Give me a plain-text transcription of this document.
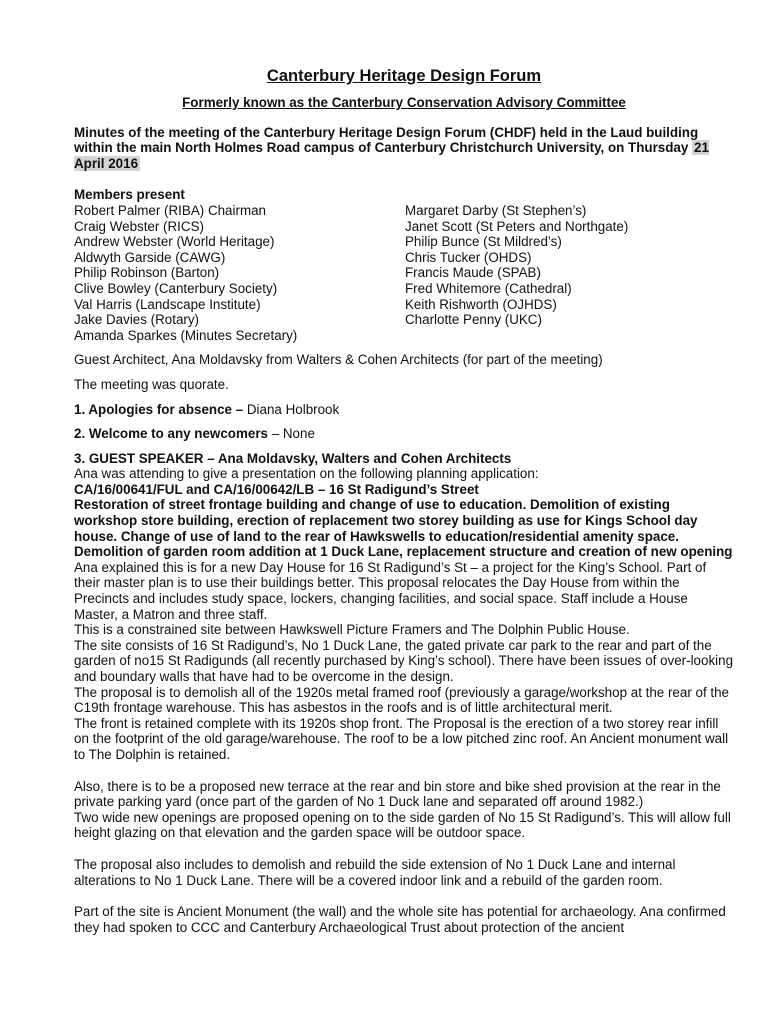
Canterbury Heritage Design Forum
Formerly known as the Canterbury Conservation Advisory Committee

Minutes of the meeting of the Canterbury Heritage Design Forum (CHDF) held in the Laud building within the main North Holmes Road campus of Canterbury Christchurch University, on Thursday 21 April 2016

Members present
Robert Palmer (RIBA) Chairman
Craig Webster (RICS)
Andrew Webster (World Heritage)
Aldwyth Garside (CAWG)
Philip Robinson (Barton)
Clive Bowley (Canterbury Society)
Val Harris (Landscape Institute)
Jake Davies (Rotary)
Amanda Sparkes (Minutes Secretary)
Margaret Darby (St Stephen’s)
Janet Scott (St Peters and Northgate)
Philip Bunce (St Mildred’s)
Chris Tucker (OHDS)
Francis Maude (SPAB)
Fred Whitemore (Cathedral)
Keith Rishworth (OJHDS)
Charlotte Penny (UKC)

Guest Architect, Ana Moldavsky from Walters & Cohen Architects (for part of the meeting)

The meeting was quorate.

1. Apologies for absence – Diana Holbrook

2. Welcome to any newcomers – None

3. GUEST SPEAKER – Ana Moldavsky, Walters and Cohen Architects

Ana was attending to give a presentation on the following planning application:

CA/16/00641/FUL and CA/16/00642/LB – 16 St Radigund’s Street

Restoration of street frontage building and change of use to education. Demolition of existing workshop store building, erection of replacement two storey building as use for Kings School day house. Change of use of land to the rear of Hawkswells to education/residential amenity space. Demolition of garden room addition at 1 Duck Lane, replacement structure and creation of new opening

Ana explained this is for a new Day House for 16 St Radigund’s St – a project for the King’s School. Part of their master plan is to use their buildings better. This proposal relocates the Day House from within the Precincts and includes study space, lockers, changing facilities, and social space. Staff include a House Master, a Matron and three staff.

This is a constrained site between Hawkswell Picture Framers and The Dolphin Public House.

The site consists of 16 St Radigund’s, No 1 Duck Lane, the gated private car park to the rear and part of the garden of no15 St Radigunds (all recently purchased by King’s school). There have been issues of over-looking and boundary walls that have had to be overcome in the design.

The proposal is to demolish all of the 1920s metal framed roof (previously a garage/workshop at the rear of the C19th frontage warehouse. This has asbestos in the roofs and is of little architectural merit.

The front is retained complete with its 1920s shop front. The Proposal is the erection of a two storey rear infill on the footprint of the old garage/warehouse. The roof to be a low pitched zinc roof. An Ancient monument wall to The Dolphin is retained.

Also, there is to be a proposed new terrace at the rear and bin store and bike shed provision at the rear in the private parking yard (once part of the garden of No 1 Duck lane and separated off around 1982.)

Two wide new openings are proposed opening on to the side garden of No 15 St Radigund’s. This will allow full height glazing on that elevation and the garden space will be outdoor space.

The proposal also includes to demolish and rebuild the side extension of No 1 Duck Lane and internal alterations to No 1 Duck Lane. There will be a covered indoor link and a rebuild of the garden room.

Part of the site is Ancient Monument (the wall) and the whole site has potential for archaeology. Ana confirmed they had spoken to CCC and Canterbury Archaeological Trust about protection of the ancient
